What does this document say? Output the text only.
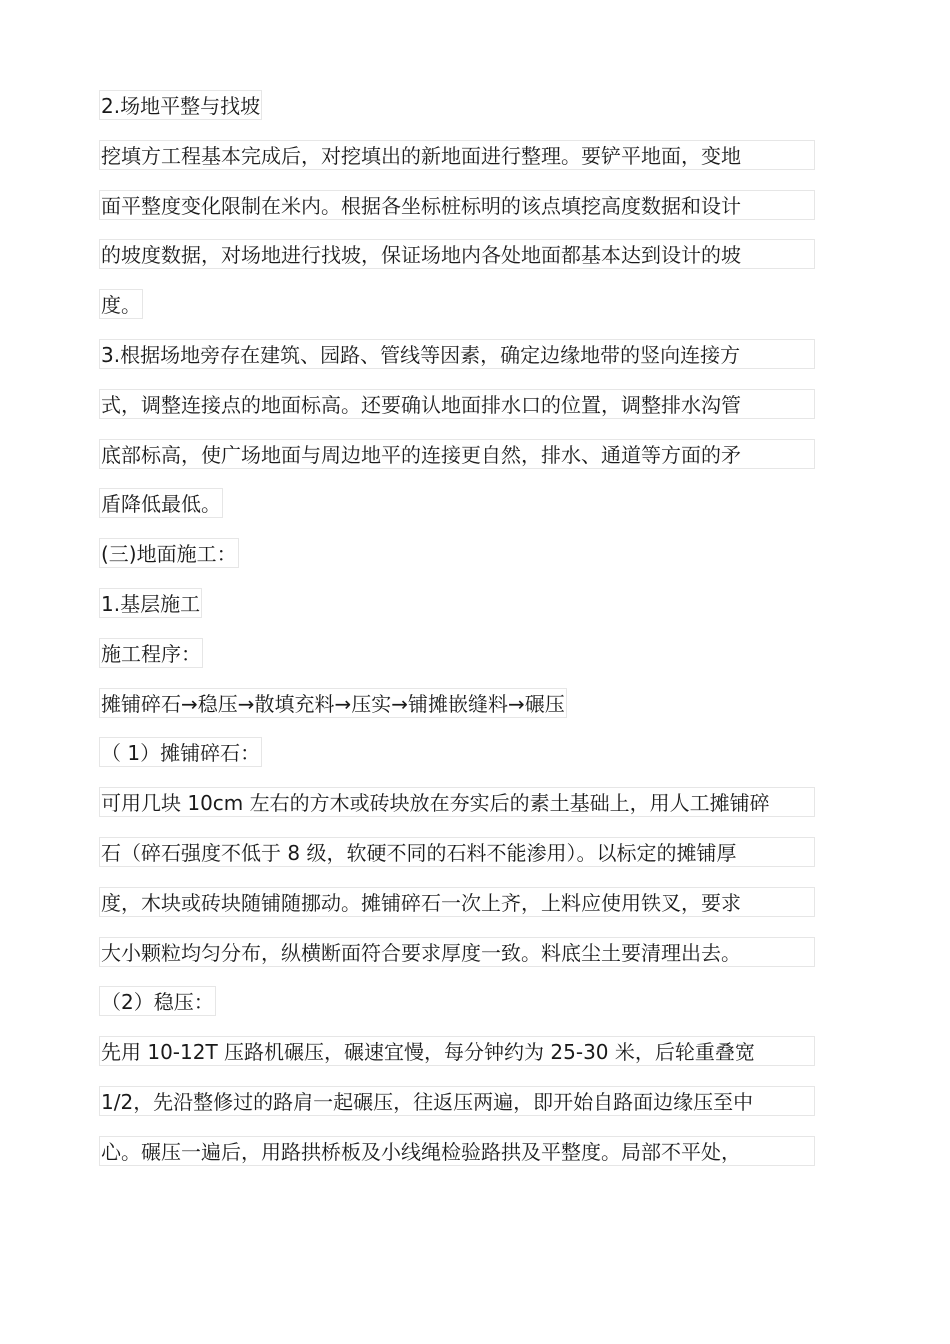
2.场地平整与找坡
挖填方工程基本完成后，对挖填出的新地面进行整理。要铲平地面，变地
面平整度变化限制在米内。根据各坐标桩标明的该点填挖高度数据和设计
的坡度数据，对场地进行找坡，保证场地内各处地面都基本达到设计的坡
度。
3.根据场地旁存在建筑、园路、管线等因素，确定边缘地带的竖向连接方
式，调整连接点的地面标高。还要确认地面排水口的位置，调整排水沟管
底部标高，使广场地面与周边地平的连接更自然，排水、通道等方面的矛
盾降低最低。
(三)地面施工：
1.基层施工
施工程序：
摊铺碎石→稳压→散填充料→压实→铺摊嵌缝料→碾压
（ 1）摊铺碎石：
可用几块 10cm 左右的方木或砖块放在夯实后的素土基础上，用人工摊铺碎
石（碎石强度不低于 8 级，软硬不同的石料不能渗用）。以标定的摊铺厚
度，木块或砖块随铺随挪动。摊铺碎石一次上齐，上料应使用铁叉，要求
大小颗粒均匀分布，纵横断面符合要求厚度一致。料底尘土要清理出去。
（2）稳压：
先用 10-12T 压路机碾压，碾速宜慢，每分钟约为 25-30 米，后轮重叠宽
1/2，先沿整修过的路肩一起碾压，往返压两遍，即开始自路面边缘压至中
心。碾压一遍后，用路拱桥板及小线绳检验路拱及平整度。局部不平处，
